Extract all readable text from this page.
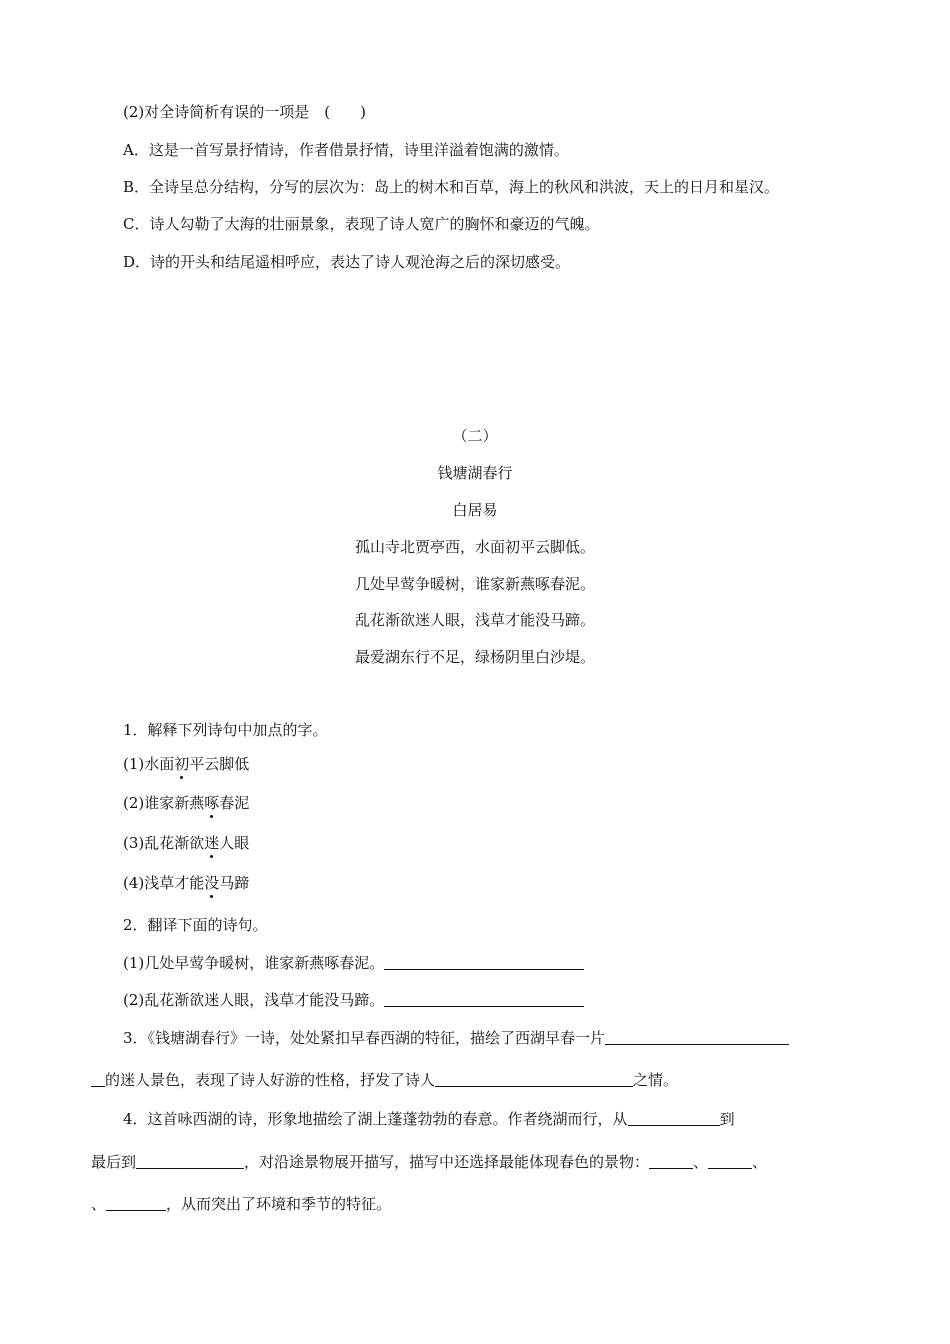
(2)对全诗简析有误的一项是　(　　)
A．这是一首写景抒情诗，作者借景抒情，诗里洋溢着饱满的激情。
B．全诗呈总分结构，分写的层次为：岛上的树木和百草，海上的秋风和洪波，天上的日月和星汉。
C．诗人勾勒了大海的壮丽景象，表现了诗人宽广的胸怀和豪迈的气魄。
D．诗的开头和结尾遥相呼应，表达了诗人观沧海之后的深切感受。
（二）
钱塘湖春行
白居易
孤山寺北贾亭西，水面初平云脚低。
几处早莺争暖树，谁家新燕啄春泥。
乱花渐欲迷人眼，浅草才能没马蹄。
最爱湖东行不足，绿杨阴里白沙堤。
1．解释下列诗句中加点的字。
(1)水面初平云脚低
(2)谁家新燕啄春泥
(3)乱花渐欲迷人眼
(4)浅草才能没马蹄
2．翻译下面的诗句。
(1)几处早莺争暖树，谁家新燕啄春泥。
(2)乱花渐欲迷人眼，浅草才能没马蹄。
3．《钱塘湖春行》一诗，处处紧扣早春西湖的特征，描绘了西湖早春一片
的迷人景色，表现了诗人好游的性格，抒发了诗人	之情。
4．这首咏西湖的诗，形象地描绘了湖上蓬蓬勃勃的春意。作者绕湖而行，从	到
最后到	，对沿途景物展开描写，描写中还选择最能体现春色的景物：	、	、
、	，从而突出了环境和季节的特征。
